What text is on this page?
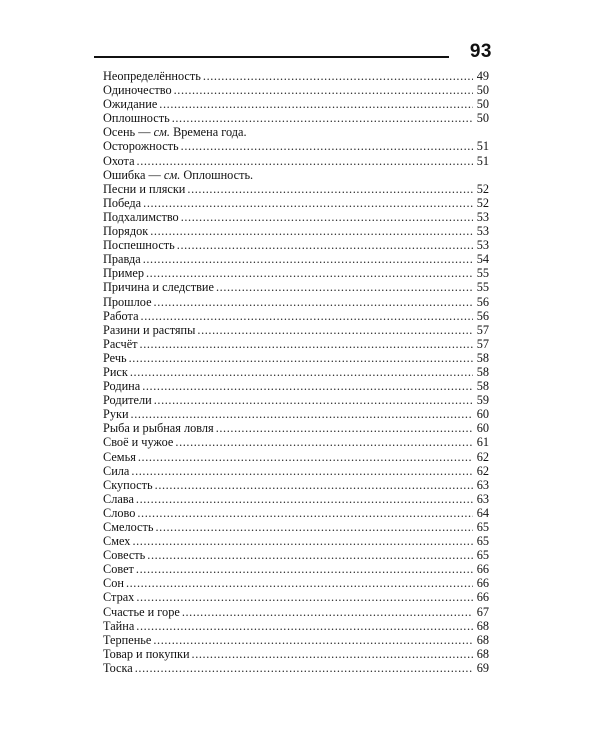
93
Неопределённость .....	49
Одиночество .....	50
Ожидание .....	50
Оплошность .....	50
Осень — см. Времена года.
Осторожность .....	51
Охота .....	51
Ошибка — см. Оплошность.
Песни и пляски .....	52
Победа .....	52
Подхалимство .....	53
Порядок .....	53
Поспешность .....	53
Правда .....	54
Пример .....	55
Причина и следствие .....	55
Прошлое .....	56
Работа .....	56
Разини и растяпы .....	57
Расчёт .....	57
Речь .....	58
Риск .....	58
Родина .....	58
Родители .....	59
Руки .....	60
Рыба и рыбная ловля .....	60
Своё и чужое .....	61
Семья .....	62
Сила .....	62
Скупость .....	63
Слава .....	63
Слово .....	64
Смелость .....	65
Смех .....	65
Совесть .....	65
Совет .....	66
Сон .....	66
Страх .....	66
Счастье и горе .....	67
Тайна .....	68
Терпенье .....	68
Товар и покупки .....	68
Тоска .....	69
